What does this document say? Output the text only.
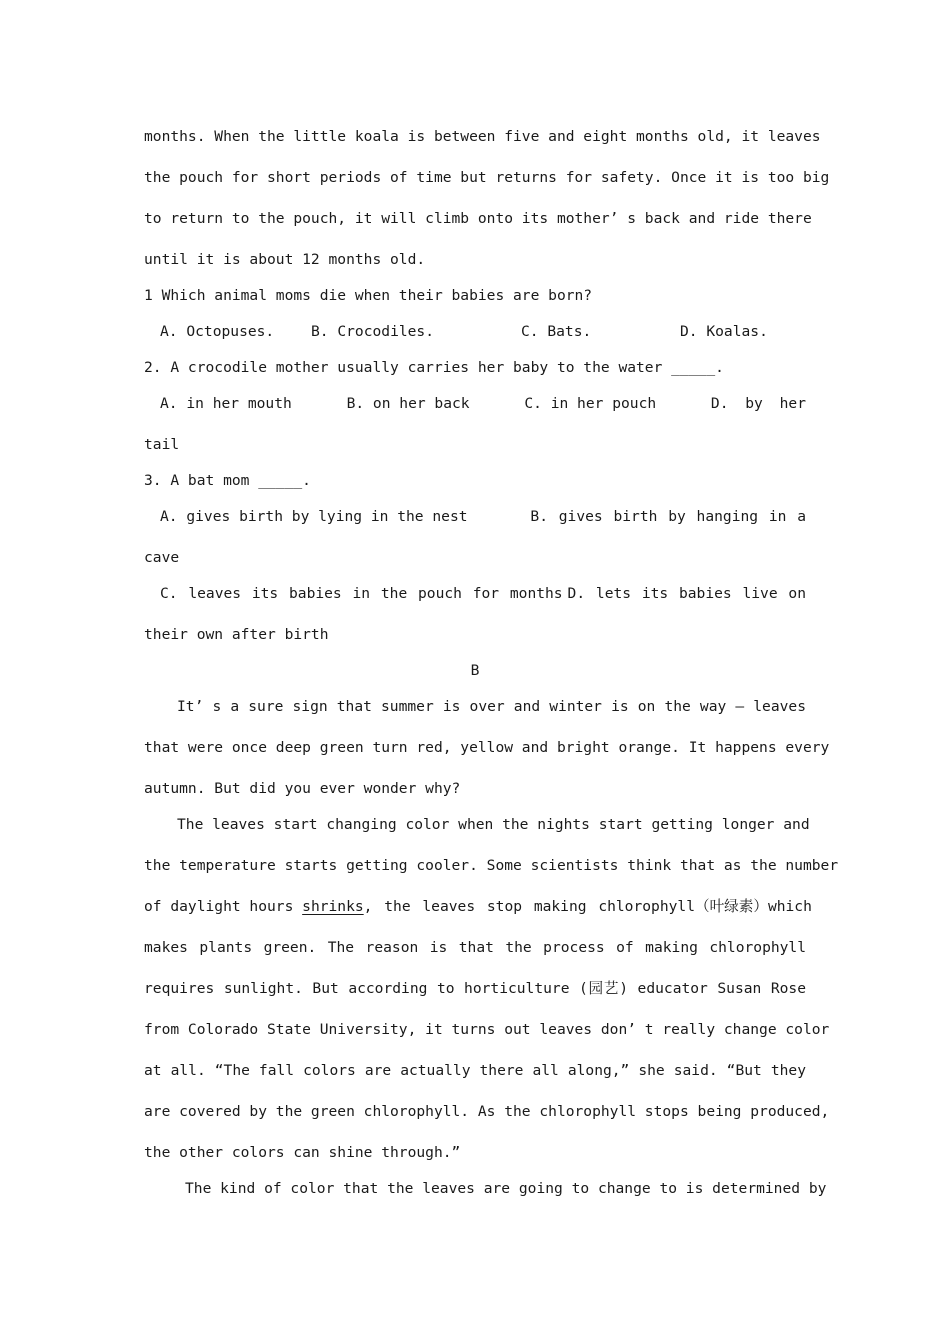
months. When the little koala is between five and eight months old, it leaves
the pouch for short periods of time but returns for safety. Once it is too big
to return to the pouch, it will climb onto its mother’ s back and ride there
until it is about 12 months old.
1 Which animal moms die when their babies are born?
A. Octopuses.	B. Crocodiles.	C. Bats.	D. Koalas.
2. A crocodile mother usually carries her baby to the water _____.
A. in her mouth	B. on her back	C. in her pouch	D. by her
tail
3. A bat mom _____.
A. gives birth by lying in the nest	B. gives birth by hanging in a
cave
C. leaves its babies in the pouch for months D. lets its babies live on
their own after birth
B
It’ s a sure sign that summer is over and winter is on the way — leaves
that were once deep green turn red, yellow and bright orange. It happens every
autumn. But did you ever wonder why?
The leaves start changing color when the nights start getting longer and
the temperature starts getting cooler. Some scientists think that as the number
of daylight hours shrinks , the leaves stop making chlorophyll（叶绿素）which
makes plants green. The reason is that the process of making chlorophyll
requires sunlight. But according to horticulture (园艺) educator Susan Rose
from Colorado State University, it turns out leaves don’ t really change color
at all. “The fall colors are actually there all along,” she said. “But they
are covered by the green chlorophyll. As the chlorophyll stops being produced,
the other colors can shine through.”
The kind of color that the leaves are going to change to is determined by
